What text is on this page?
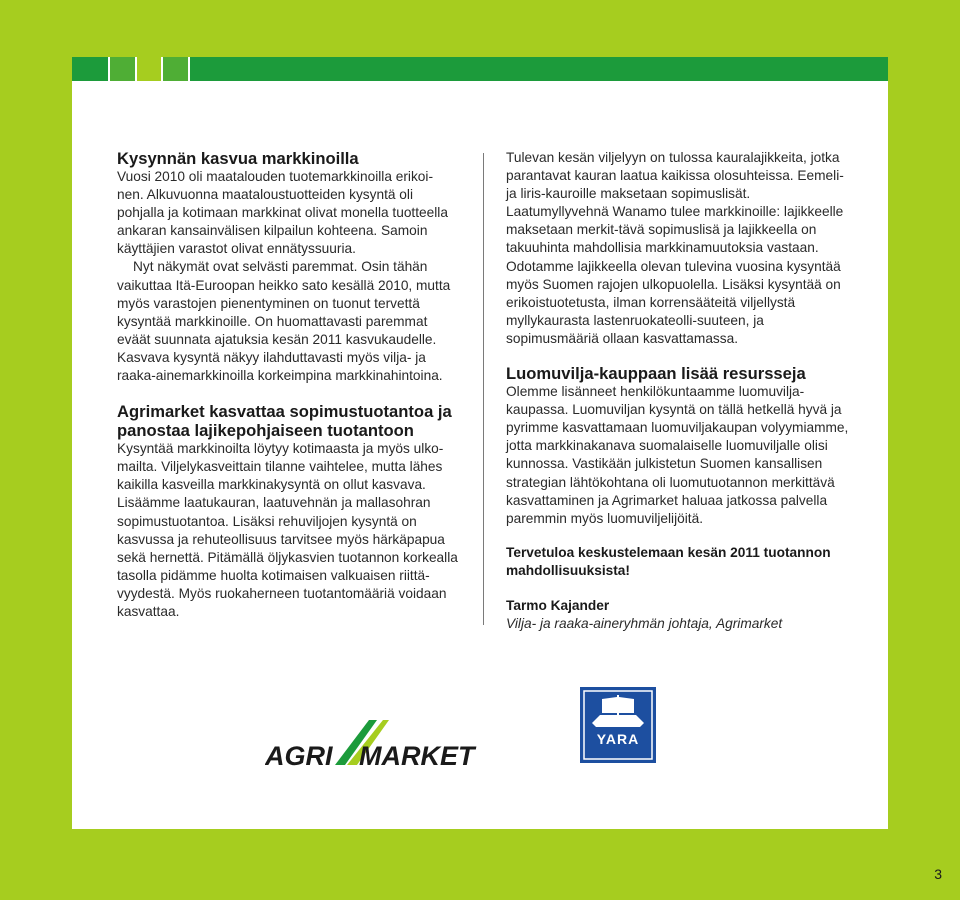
Kysynnän kasvua markkinoilla

Vuosi 2010 oli maatalouden tuotemarkkinoilla erikoi-nen. Alkuvuonna maataloustuotteiden kysyntä oli pohjalla ja kotimaan markkinat olivat monella tuotteella ankaran kansainvälisen kilpailun kohteena. Samoin käyttäjien varastot olivat ennätyssuuria.

Nyt näkymät ovat selvästi paremmat. Osin tähän vaikuttaa Itä-Euroopan heikko sato kesällä 2010, mutta myös varastojen pienentyminen on tuonut tervettä kysyntää markkinoille. On huomattavasti paremmat eväät suunnata ajatuksia kesän 2011 kasvukaudelle. Kasvava kysyntä näkyy ilahduttavasti myös vilja- ja raaka-ainemarkkinoilla korkeimpina markkinahintoina.

Agrimarket kasvattaa sopimustuotantoa ja panostaa lajikepohjaiseen tuotantoon

Kysyntää markkinoilta löytyy kotimaasta ja myös ulko-mailta. Viljelykasveittain tilanne vaihtelee, mutta lähes kaikilla kasveilla markkinakysyntä on ollut kasvava. Lisäämme laatukauran, laatuvehnän ja mallasohran sopimustuotantoa. Lisäksi rehuviljojen kysyntä on kasvussa ja rehuteollisuus tarvitsee myös härkäpapua sekä hernettä. Pitämällä öljykasvien tuotannon korkealla tasolla pidämme huolta kotimaisen valkuaisen riittä-vyydestä. Myös ruokaherneen tuotantomääriä voidaan kasvattaa.

Tulevan kesän viljelyyn on tulossa kauralajikkeita, jotka parantavat kauran laatua kaikissa olosuhteissa. Eemeli- ja liris-kauroille maksetaan sopimuslisät. Laatumyllyvehnä Wanamo tulee markkinoille: lajikkeelle maksetaan merkit-tävä sopimuslisä ja lajikkeella on takuuhinta mahdollisia markkinamuutoksia vastaan. Odotamme lajikkeella olevan tulevina vuosina kysyntää myös Suomen rajojen ulkopuolella. Lisäksi kysyntää on erikoistuotetusta, ilman korrensääteitä viljellystä myllykaurasta lastenruokateolli-suuteen, ja sopimusmääriä ollaan kasvattamassa.

Luomuvilja-kauppaan lisää resursseja

Olemme lisänneet henkilökuntaamme luomuvilja-kaupassa. Luomuviljan kysyntä on tällä hetkellä hyvä ja pyrimme kasvattamaan luomuviljakaupan volyymiamme, jotta markkinakanava suomalaiselle luomuviljalle olisi kunnossa. Vastikään julkistetun Suomen kansallisen strategian lähtökohtana oli luomutuotannon merkittävä kasvattaminen ja Agrimarket haluaa jatkossa palvella paremmin myös luomuviljelijöitä.

Tervetuloa keskustelemaan kesän 2011 tuotannon mahdollisuuksista!

Tarmo Kajander

Vilja- ja raaka-aineryhmän johtaja, Agrimarket

AGRI MARKET
YARA
3
